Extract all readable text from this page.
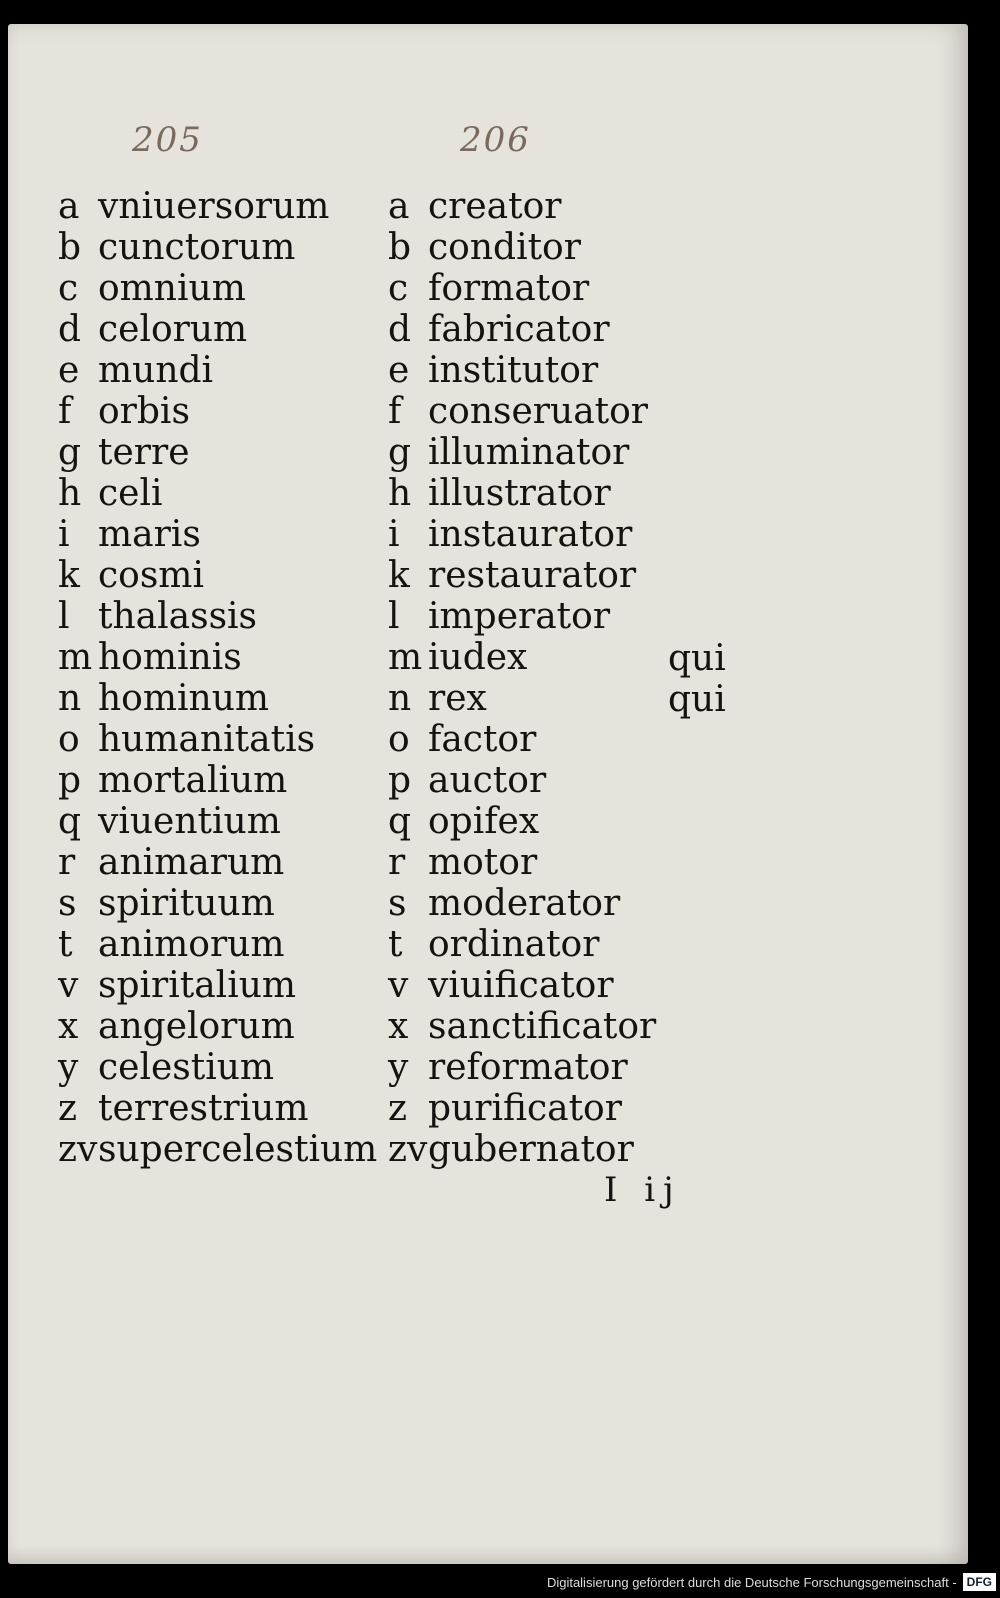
205	206
a vniuersorum
b cunctorum
c omnium
d celorum
e mundi
f orbis
g terre
h celi
i maris
k cosmi
l thalassis
m hominis
n hominum
o humanitatis
p mortalium
q viuentium
r animarum
s spirituum
t animorum
v spiritalium
x angelorum
y celestium
z terrestrium
zv supercelestium
a creator
b conditor
c formator
d fabricator
e institutor
f conseruator
g illuminator
h illustrator
i instaurator
k restaurator
l imperator
m iudex
n rex
o factor
p auctor
q opifex
r motor
s moderator
t ordinator
v viuificator
x sanctificator
y reformator
z purificator
zv gubernator
qui
qui
I ij
Digitalisierung gefördert durch die Deutsche Forschungsgemeinschaft - DFG
